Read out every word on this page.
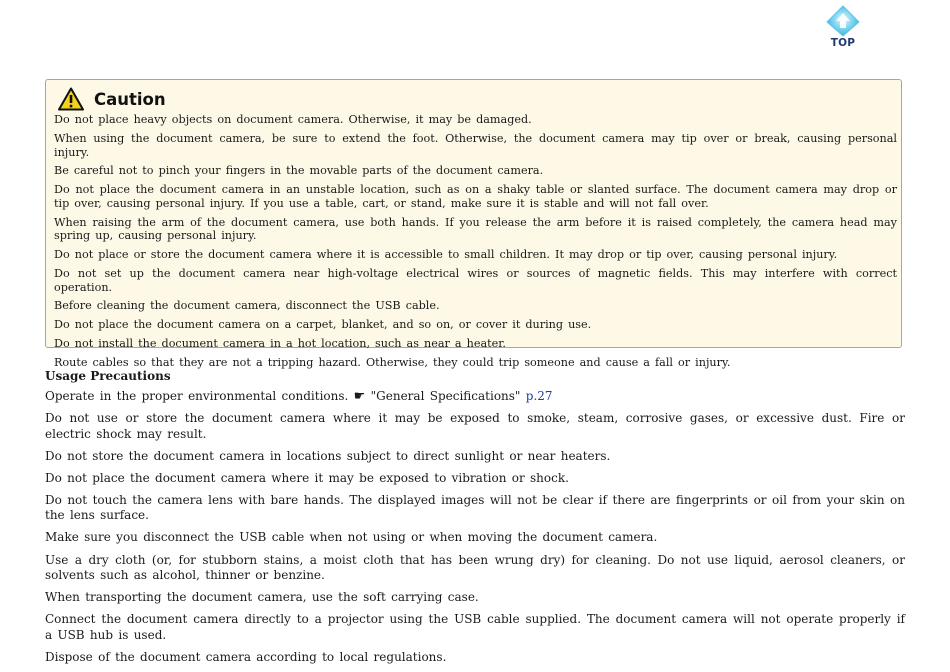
TOP
Caution
Do not place heavy objects on document camera. Otherwise, it may be damaged.
When using the document camera, be sure to extend the foot. Otherwise, the document camera may tip over or break, causing personal injury.
Be careful not to pinch your fingers in the movable parts of the document camera.
Do not place the document camera in an unstable location, such as on a shaky table or slanted surface. The document camera may drop or tip over, causing personal injury. If you use a table, cart, or stand, make sure it is stable and will not fall over.
When raising the arm of the document camera, use both hands. If you release the arm before it is raised completely, the camera head may spring up, causing personal injury.
Do not place or store the document camera where it is accessible to small children. It may drop or tip over, causing personal injury.
Do not set up the document camera near high-voltage electrical wires or sources of magnetic fields. This may interfere with correct operation.
Before cleaning the document camera, disconnect the USB cable.
Do not place the document camera on a carpet, blanket, and so on, or cover it during use.
Do not install the document camera in a hot location, such as near a heater.
Route cables so that they are not a tripping hazard. Otherwise, they could trip someone and cause a fall or injury.
Usage Precautions
Operate in the proper environmental conditions. ☛ "General Specifications" p.27
Do not use or store the document camera where it may be exposed to smoke, steam, corrosive gases, or excessive dust. Fire or electric shock may result.
Do not store the document camera in locations subject to direct sunlight or near heaters.
Do not place the document camera where it may be exposed to vibration or shock.
Do not touch the camera lens with bare hands. The displayed images will not be clear if there are fingerprints or oil from your skin on the lens surface.
Make sure you disconnect the USB cable when not using or when moving the document camera.
Use a dry cloth (or, for stubborn stains, a moist cloth that has been wrung dry) for cleaning. Do not use liquid, aerosol cleaners, or solvents such as alcohol, thinner or benzine.
When transporting the document camera, use the soft carrying case.
Connect the document camera directly to a projector using the USB cable supplied. The document camera will not operate properly if a USB hub is used.
Dispose of the document camera according to local regulations.
